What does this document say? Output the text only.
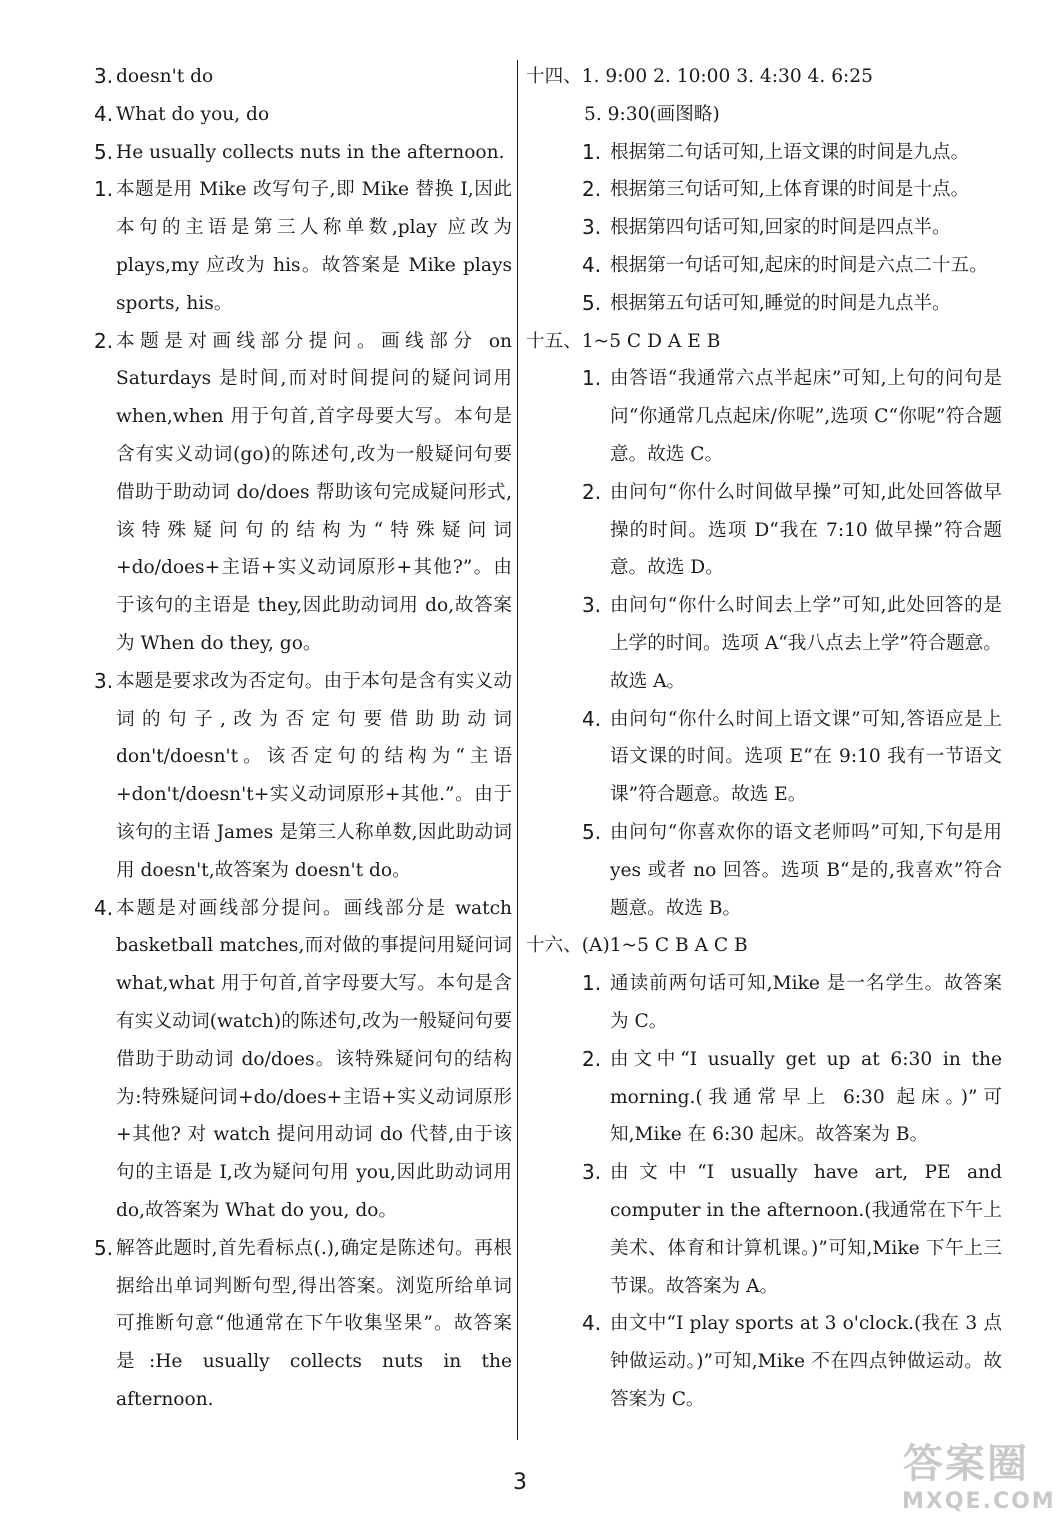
3. doesn't do
4. What do you, do
5. He usually collects nuts in the afternoon.
1. 本题是用 Mike 改写句子,即 Mike 替换 I,因此本句的主语是第三人称单数,play 应改为 plays,my 应改为 his。故答案是 Mike plays sports, his。
2. 本题是对画线部分提问。画线部分 on Saturdays 是时间,而对时间提问的疑问词用 when,when 用于句首,首字母要大写。本句是含有实义动词(go)的陈述句,改为一般疑问句要借助于助动词 do/does 帮助该句完成疑问形式,该特殊疑问句的结构为“特殊疑问词+do/does+主语+实义动词原形+其他?”。由于该句的主语是 they,因此助动词用 do,故答案为 When do they, go。
3. 本题是要求改为否定句。由于本句是含有实义动词的句子,改为否定句要借助助动词 don't/doesn't。该否定句的结构为“主语+don't/doesn't+实义动词原形+其他.”。由于该句的主语 James 是第三人称单数,因此助动词用 doesn't,故答案为 doesn't do。
4. 本题是对画线部分提问。画线部分是 watch basketball matches,而对做的事提问用疑问词 what,what 用于句首,首字母要大写。本句是含有实义动词(watch)的陈述句,改为一般疑问句要借助于助动词 do/does。该特殊疑问句的结构为:特殊疑问词+do/does+主语+实义动词原形+其他? 对 watch 提问用动词 do 代替,由于该句的主语是 I,改为疑问句用 you,因此助动词用 do,故答案为 What do you, do。
5. 解答此题时,首先看标点(.),确定是陈述句。再根据给出单词判断句型,得出答案。浏览所给单词可推断句意“他通常在下午收集坚果”。故答案是:He usually collects nuts in the afternoon.
十四、1. 9:00 2. 10:00 3. 4:30 4. 6:25
5. 9:30(画图略)
1. 根据第二句话可知,上语文课的时间是九点。
2. 根据第三句话可知,上体育课的时间是十点。
3. 根据第四句话可知,回家的时间是四点半。
4. 根据第一句话可知,起床的时间是六点二十五。
5. 根据第五句话可知,睡觉的时间是九点半。
十五、1~5 C D A E B
1. 由答语“我通常六点半起床”可知,上句的问句是问“你通常几点起床/你呢”,选项 C“你呢”符合题意。故选 C。
2. 由问句“你什么时间做早操”可知,此处回答做早操的时间。选项 D“我在 7:10 做早操”符合题意。故选 D。
3. 由问句“你什么时间去上学”可知,此处回答的是上学的时间。选项 A“我八点去上学”符合题意。故选 A。
4. 由问句“你什么时间上语文课”可知,答语应是上语文课的时间。选项 E“在 9:10 我有一节语文课”符合题意。故选 E。
5. 由问句“你喜欢你的语文老师吗”可知,下句是用 yes 或者 no 回答。选项 B“是的,我喜欢”符合题意。故选 B。
十六、(A)1~5 C B A C B
1. 通读前两句话可知,Mike 是一名学生。故答案为 C。
2. 由文中“I usually get up at 6:30 in the morning.(我通常早上 6:30 起床。)”可知,Mike 在 6:30 起床。故答案为 B。
3. 由文中“I usually have art, PE and computer in the afternoon.(我通常在下午上美术、体育和计算机课。)”可知,Mike 下午上三节课。故答案为 A。
4. 由文中“I play sports at 3 o'clock.(我在 3 点钟做运动。)”可知,Mike 不在四点钟做运动。故答案为 C。
3	答案圈
MXQE.COM
